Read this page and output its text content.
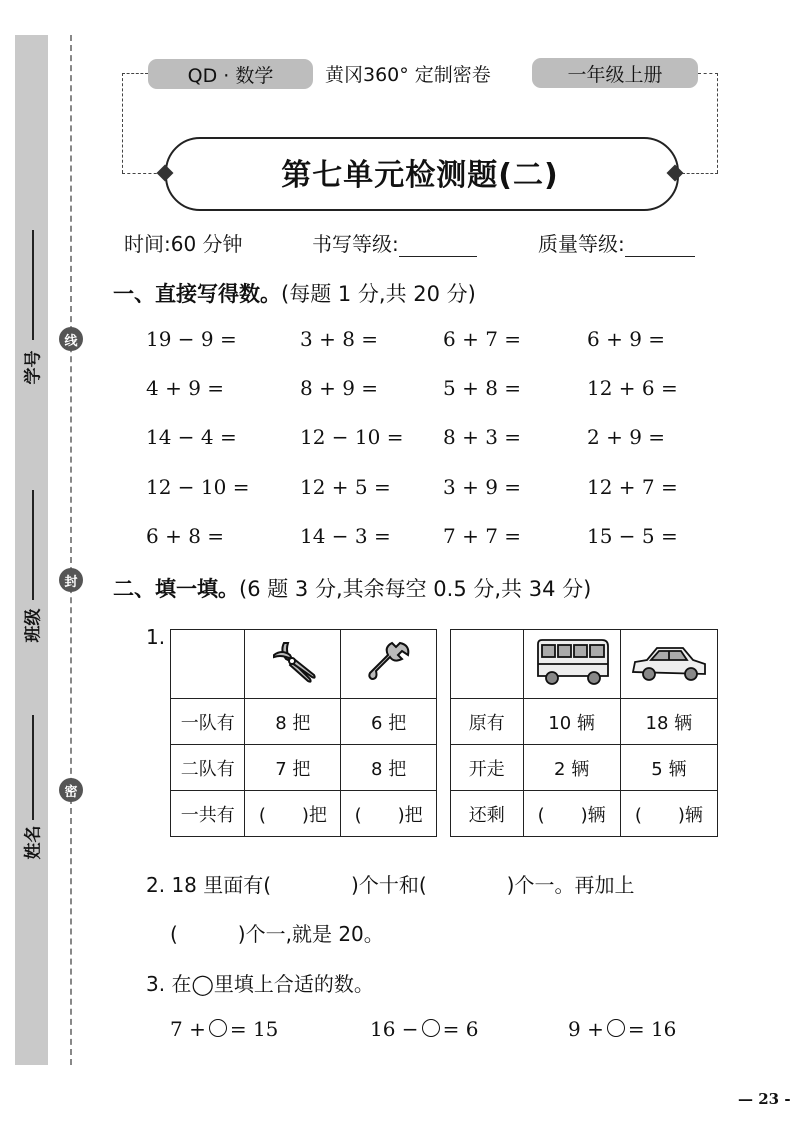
学号
班级
姓名
线
封
密
QD · 数学	黄冈360° 定制密卷	一年级上册
第七单元检测题(二)
时间:60 分钟	书写等级:	质量等级:
一、直接写得数。(每题 1 分,共 20 分)
19 − 9 =	3 + 8 =	6 + 7 =	6 + 9 =
4 + 9 =	8 + 9 =	5 + 8 =	12 + 6 =
14 − 4 =	12 − 10 = 8 + 3 =	2 + 9 =
12 − 10 =	12 + 5 =	3 + 9 =	12 + 7 =
6 + 8 =	14 − 3 =	7 + 7 =	15 − 5 =
二、填一填。(6 题 3 分,其余每空 0.5 分,共 34 分)
1.

一队有	8 把	6 把
二队有	7 把	8 把
一共有	(　　)把	(　　)把

原有	10 辆	18 辆
开走	2 辆	5 辆
还剩	(　　)辆	(　　)辆
2. 18 里面有(　　　　)个十和(　　　　)个一。再加上
(　　　)个一,就是 20。
3. 在◯里填上合适的数。
7 + = 15	16 − = 6	9 + = 16
— 23 -
